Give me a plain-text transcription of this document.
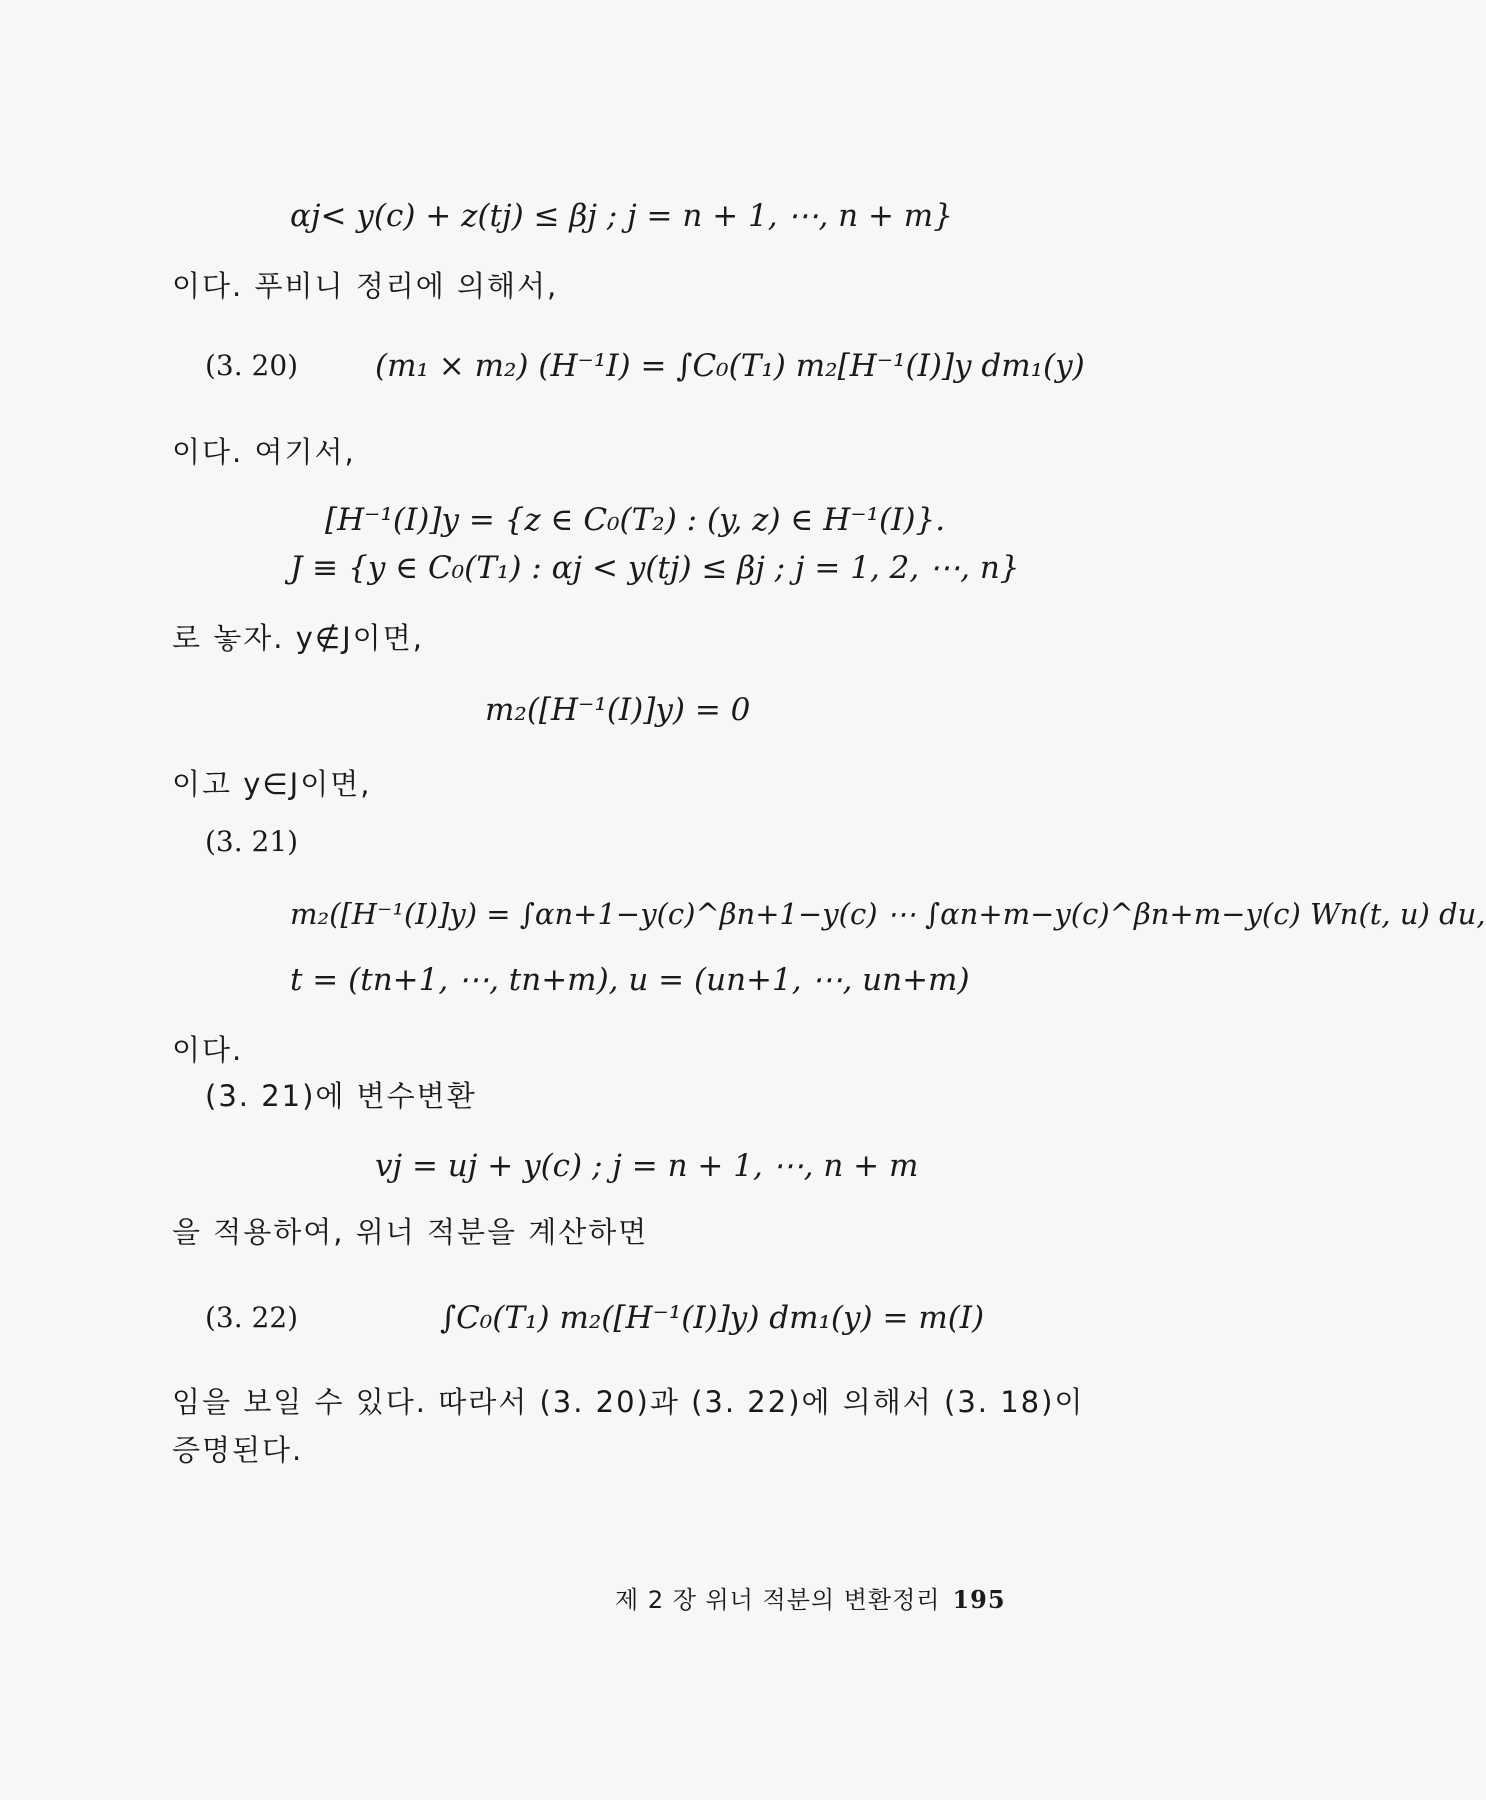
αj< y(c) + z(tj) ≤ βj ; j = n + 1, ⋯, n + m}
이다. 푸비니 정리에 의해서,
(3. 20) (m₁ × m₂) (H⁻¹I) = ∫C₀(T₁) m₂[H⁻¹(I)]y dm₁(y)
이다. 여기서,
[H⁻¹(I)]y = {z ∈ C₀(T₂) : (y, z) ∈ H⁻¹(I)}.
J ≡ {y ∈ C₀(T₁) : αj < y(tj) ≤ βj ; j = 1, 2, ⋯, n}
로 놓자. y∉J이면,
m₂([H⁻¹(I)]y) = 0
이고 y∈J이면,
(3. 21)
m₂([H⁻¹(I)]y) = ∫αn+1−y(c)^βn+1−y(c) ⋯ ∫αn+m−y(c)^βn+m−y(c) Wn(t, u) du,
t = (tn+1, ⋯, tn+m), u = (un+1, ⋯, un+m)
이다.
(3. 21)에 변수변환
vj = uj + y(c) ; j = n + 1, ⋯, n + m
을 적용하여, 위너 적분을 계산하면
(3. 22)	∫C₀(T₁) m₂([H⁻¹(I)]y) dm₁(y) = m(I)
임을 보일 수 있다. 따라서 (3. 20)과 (3. 22)에 의해서 (3. 18)이
증명된다.
제 2 장 위너 적분의 변환정리 195
